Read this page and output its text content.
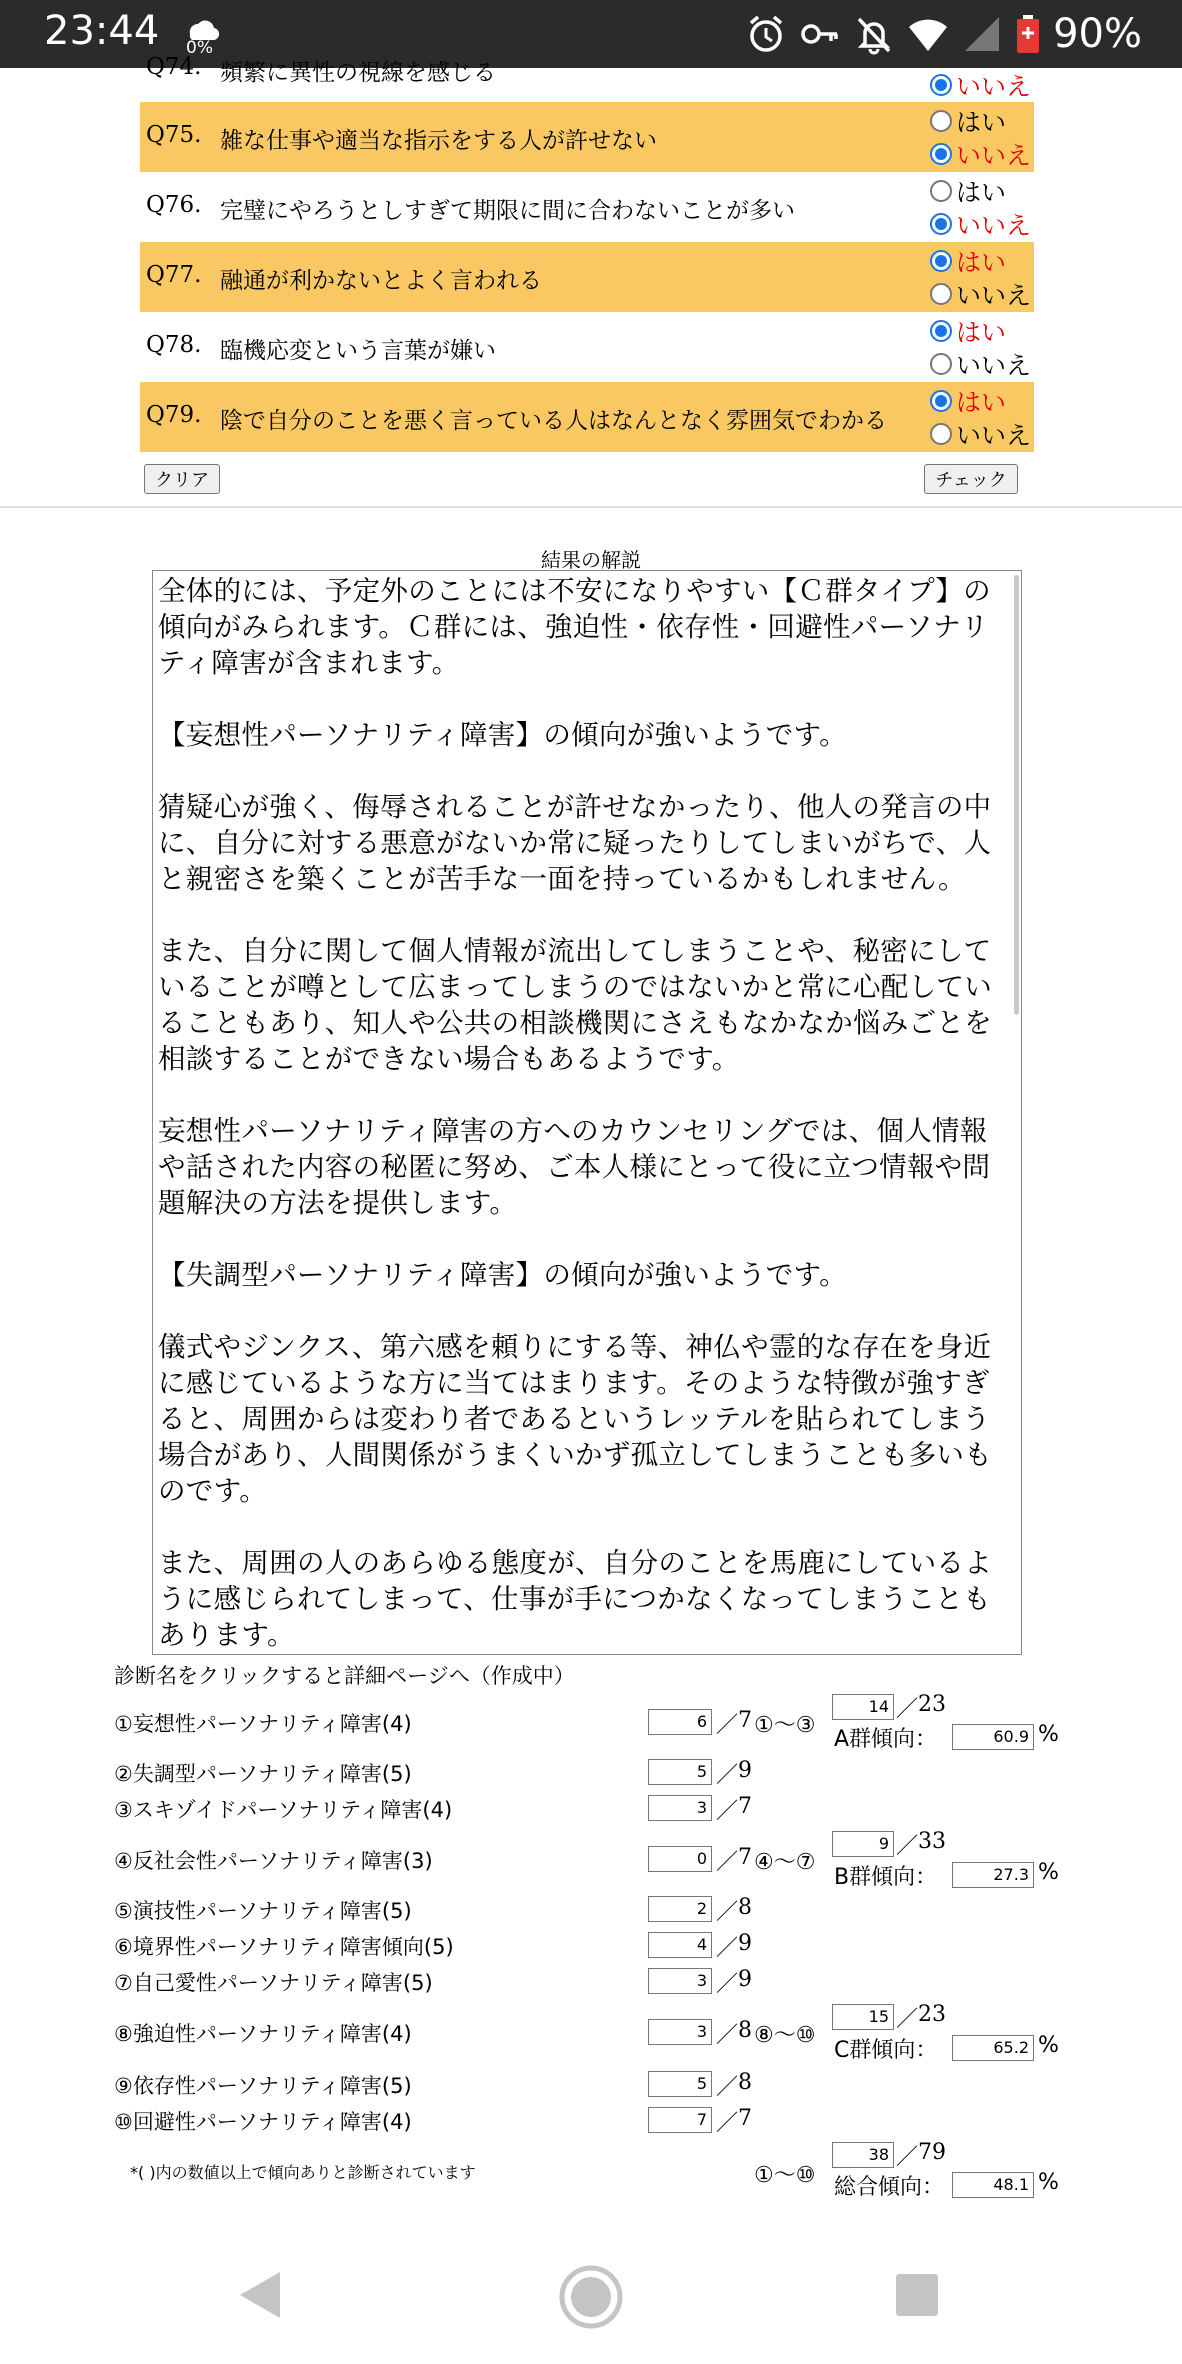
23:44 0%	90%
Q74. 頻繁に異性の視線を感じる	いいえ
Q75. 雑な仕事や適当な指示をする人が許せない
はい
いいえ
Q76. 完璧にやろうとしすぎて期限に間に合わないことが多い
はい
いいえ
Q77. 融通が利かないとよく言われる
はい
いいえ
Q78. 臨機応変という言葉が嫌い
はい
いいえ
Q79. 陰で自分のことを悪く言っている人はなんとなく雰囲気でわかる
はい
いいえ
クリア	チェック
結果の解説

全体的には、予定外のことには不安になりやすい【Ｃ群タイプ】の傾向がみられます。Ｃ群には、強迫性・依存性・回避性パーソナリティ障害が含まれます。

【妄想性パーソナリティ障害】の傾向が強いようです。

猜疑心が強く、侮辱されることが許せなかったり、他人の発言の中に、自分に対する悪意がないか常に疑ったりしてしまいがちで、人と親密さを築くことが苦手な一面を持っているかもしれません。

また、自分に関して個人情報が流出してしまうことや、秘密にしていることが噂として広まってしまうのではないかと常に心配していることもあり、知人や公共の相談機関にさえもなかなか悩みごとを相談することができない場合もあるようです。

妄想性パーソナリティ障害の方へのカウンセリングでは、個人情報や話された内容の秘匿に努め、ご本人様にとって役に立つ情報や問題解決の方法を提供します。

【失調型パーソナリティ障害】の傾向が強いようです。

儀式やジンクス、第六感を頼りにする等、神仏や霊的な存在を身近に感じているような方に当てはまります。そのような特徴が強すぎると、周囲からは変わり者であるというレッテルを貼られてしまう場合があり、人間関係がうまくいかず孤立してしまうことも多いものです。

また、周囲の人のあらゆる態度が、自分のことを馬鹿にしているように感じられてしまって、仕事が手につかなくなってしまうこともあります。

診断名をクリックすると詳細ページへ（作成中）
①妄想性パーソナリティ障害(4)	6 ／ 7 ①～③
14 ／ 23
A群傾向：	60.9 %
②失調型パーソナリティ障害(5)	5 ／ 9
③スキゾイドパーソナリティ障害(4)	3 ／ 7
④反社会性パーソナリティ障害(3)	0 ／ 7 ④～⑦
9 ／ 33
B群傾向：	27.3 %
⑤演技性パーソナリティ障害(5)	2 ／ 8
⑥境界性パーソナリティ障害傾向(5)	4 ／ 9
⑦自己愛性パーソナリティ障害(5)	3 ／ 9
⑧強迫性パーソナリティ障害(4)	3 ／ 8 ⑧～⑩
15 ／ 23
C群傾向：	65.2 %
⑨依存性パーソナリティ障害(5)	5 ／ 8
⑩回避性パーソナリティ障害(4)	7 ／ 7
①～⑩
38 ／ 79
総合傾向：	48.1 %
*( )内の数値以上で傾向ありと診断されています
